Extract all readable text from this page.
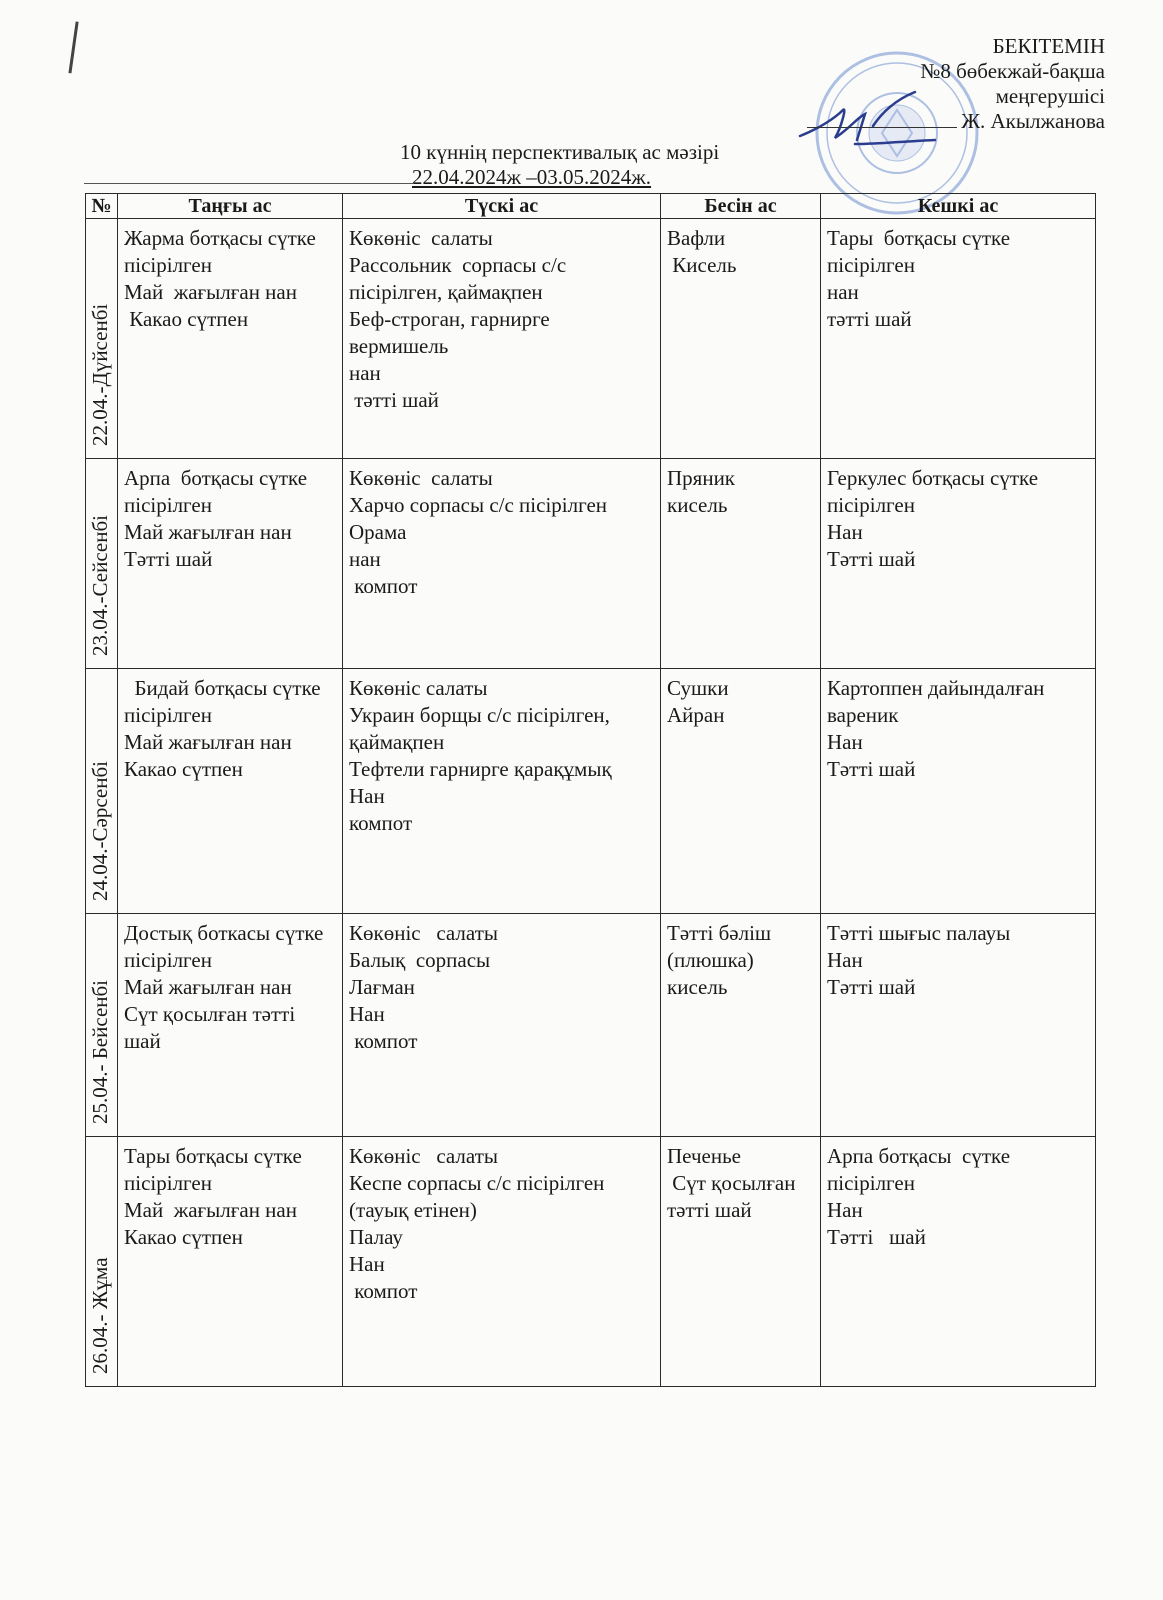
БЕКІТЕМІН
№8 бөбекжай-бақша
меңгерушісі
Ж. Акылжанова
10 күннің перспективалық ас мәзірі
22.04.2024ж –03.05.2024ж.
№	Таңғы ас	Түскі ас	Бесін ас	Кешкі ас

22.04.-Дүйсенбі	Жарма ботқасы сүтке пісірілген
Май  жағылған нан
Какао сүтпен	Көкөніс  салаты
Рассольник  сорпасы с/с пісірілген, қаймақпен
Беф-строган, гарнирге вермишель
нан
тәтті шай	Вафли
Кисель	Тары  ботқасы сүтке пісірілген
нан
тәтті шай

23.04.-Сейсенбі	Арпа  ботқасы сүтке пісірілген
Май жағылған нан
Тәтті шай	Көкөніс  салаты
Харчо сорпасы с/с пісірілген
Орама
нан
компот	Пряник
кисель	Геркулес ботқасы сүтке пісірілген
Нан
Тәтті шай

24.04.-Сәрсенбі	Бидай ботқасы сүтке пісірілген
Май жағылған нан
Какао сүтпен	Көкөніс салаты
Украин борщы с/с пісірілген, қаймақпен
Тефтели гарнирге қарақұмық
Нан
компот	Сушки
Айран	Картоппен дайындалған вареник
Нан
Тәтті шай

25.04.- Бейсенбі	Достық боткасы сүтке пісірілген
Май жағылған нан
Сүт қосылған тәтті шай	Көкөніс   салаты
Балық  сорпасы
Лағман
Нан
компот	Тәтті бәліш (плюшка)
кисель	Тәтті шығыс палауы
Нан
Тәтті шай

26.04.- Жұма	Тары ботқасы сүтке пісірілген
Май  жағылған нан
Какао сүтпен	Көкөніс   салаты
Кеспе сорпасы с/с пісірілген (тауық етінен)
Палау
Нан
компот	Печенье
Сүт қосылған тәтті шай	Арпа ботқасы  сүтке пісірілген
Нан
Тәтті   шай
